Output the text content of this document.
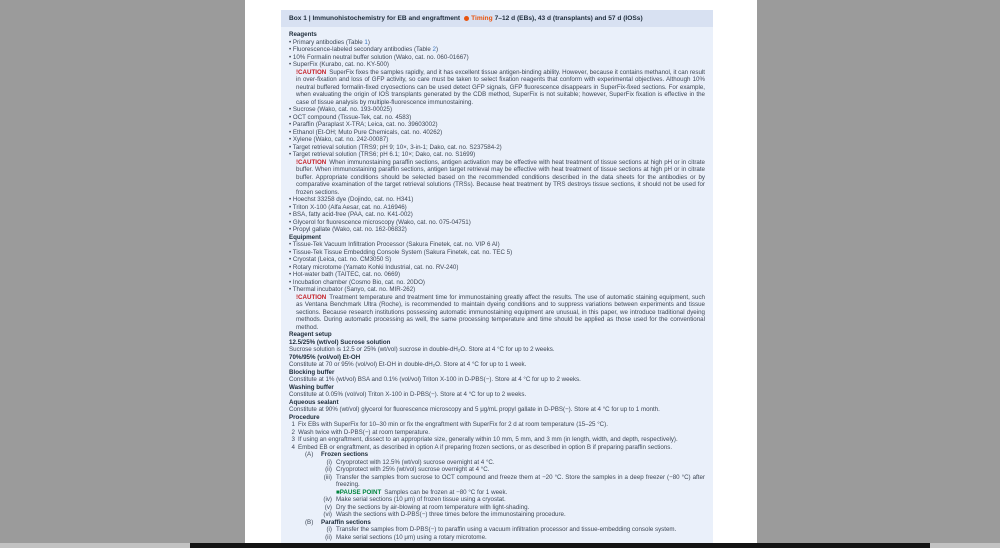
Box 1 | Immunohistochemistry for EB and engraftment Timing 7–12 d (EBs), 43 d (transplants) and 57 d (IOSs)
Reagents
• Primary antibodies (Table 1)
• Fluorescence-labeled secondary antibodies (Table 2)
• 10% Formalin neutral buffer solution (Wako, cat. no. 060-01667)
• SuperFix (Kurabo, cat. no. KY-500)
!CAUTION SuperFix fixes the samples rapidly, and it has excellent tissue antigen-binding ability. However, because it contains methanol, it can result in over-fixation and loss of GFP activity, so care must be taken to select fixation reagents that conform with experimental objectives. Although 10% neutral buffered formalin-fixed cryosections can be used detect GFP signals, GFP fluorescence disappears in SuperFix-fixed sections. For example, when evaluating the origin of IOS transplants generated by the CDB method, SuperFix is not suitable; however, SuperFix fixation is effective in the case of tissue analysis by multiple-fluorescence immunostaining.
• Sucrose (Wako, cat. no. 193-00025)
• OCT compound (Tissue-Tek, cat. no. 4583)
• Paraffin (Paraplast X-TRA; Leica, cat. no. 39603002)
• Ethanol (Et-OH; Muto Pure Chemicals, cat. no. 40262)
• Xylene (Wako, cat. no. 242-00087)
• Target retrieval solution (TRS9; pH 9; 10×, 3-in-1; Dako, cat. no. S237584-2)
• Target retrieval solution (TRS6; pH 6.1; 10×; Dako, cat. no. S1699)
!CAUTION When immunostaining paraffin sections, antigen activation may be effective with heat treatment of tissue sections at high pH or in citrate buffer. When immunostaining paraffin sections, antigen target retrieval may be effective with heat treatment of tissue sections at high pH or in citrate buffer. Appropriate conditions should be selected based on the recommended conditions described in the data sheets for the antibodies or by comparative examination of the target retrieval solutions (TRSs). Because heat treatment by TRS destroys tissue sections, it should not be used for frozen sections.
• Hoechst 33258 dye (Dojindo, cat. no. H341)
• Triton X-100 (Alfa Aesar, cat. no. A16946)
• BSA, fatty acid-free (PAA, cat. no. K41-002)
• Glycerol for fluorescence microscopy (Wako, cat. no. 075-04751)
• Propyl gallate (Wako, cat. no. 162-06832)
Equipment
• Tissue-Tek Vacuum Infiltration Processor (Sakura Finetek, cat. no. VIP 6 AI)
• Tissue-Tek Tissue Embedding Console System (Sakura Finetek, cat. no. TEC 5)
• Cryostat (Leica, cat. no. CM3050 S)
• Rotary microtome (Yamato Kohki Industrial, cat. no. RV-240)
• Hot-water bath (TAITEC, cat. no. 0669)
• Incubation chamber (Cosmo Bio, cat. no. 20DO)
• Thermal incubator (Sanyo, cat. no. MIR-262)
!CAUTION Treatment temperature and treatment time for immunostaining greatly affect the results. The use of automatic staining equipment, such as Ventana Benchmark Ultra (Roche), is recommended to maintain dyeing conditions and to suppress variations between experiments and tissue sections. Because research institutions possessing automatic immunostaining equipment are unusual, in this paper, we introduce traditional dyeing methods. During automatic processing as well, the same processing temperature and time should be applied as those used for the conventional method.
Reagent setup
12.5/25% (wt/vol) Sucrose solution
Sucrose solution is 12.5 or 25% (wt/vol) sucrose in double-dH₂O. Store at 4 °C for up to 2 weeks.
70%/95% (vol/vol) Et-OH
Constitute at 70 or 95% (vol/vol) Et-OH in double-dH₂O. Store at 4 °C for up to 1 week.
Blocking buffer
Constitute at 1% (wt/vol) BSA and 0.1% (vol/vol) Triton X-100 in D-PBS(−). Store at 4 °C for up to 2 weeks.
Washing buffer
Constitute at 0.05% (vol/vol) Triton X-100 in D-PBS(−). Store at 4 °C for up to 2 weeks.
Aqueous sealant
Constitute at 90% (wt/vol) glycerol for fluorescence microscopy and 5 μg/mL propyl gallate in D-PBS(−). Store at 4 °C for up to 1 month.
Procedure
1 Fix EBs with SuperFix for 10–30 min or fix the engraftment with SuperFix for 2 d at room temperature (15–25 °C).
2 Wash twice with D-PBS(−) at room temperature.
3 If using an engraftment, dissect to an appropriate size, generally within 10 mm, 5 mm, and 3 mm (in length, width, and depth, respectively).
4 Embed EB or engraftment, as described in option A if preparing frozen sections, or as described in option B if preparing paraffin sections.
(A)	Frozen sections
(i) Cryoprotect with 12.5% (wt/vol) sucrose overnight at 4 °C.
(ii) Cryoprotect with 25% (wt/vol) sucrose overnight at 4 °C.
(iii) Transfer the samples from sucrose to OCT compound and freeze them at −20 °C. Store the samples in a deep freezer (−80 °C) after freezing.
■PAUSE POINT Samples can be frozen at −80 °C for 1 week.
(iv) Make serial sections (10 μm) of frozen tissue using a cryostat.
(v) Dry the sections by air-blowing at room temperature with light-shading.
(vi) Wash the sections with D-PBS(−) three times before the immunostaining procedure.
(B)	Paraffin sections
(i) Transfer the samples from D-PBS(−) to paraffin using a vacuum infiltration processor and tissue-embedding console system.
(ii) Make serial sections (10 μm) using a rotary microtome.
